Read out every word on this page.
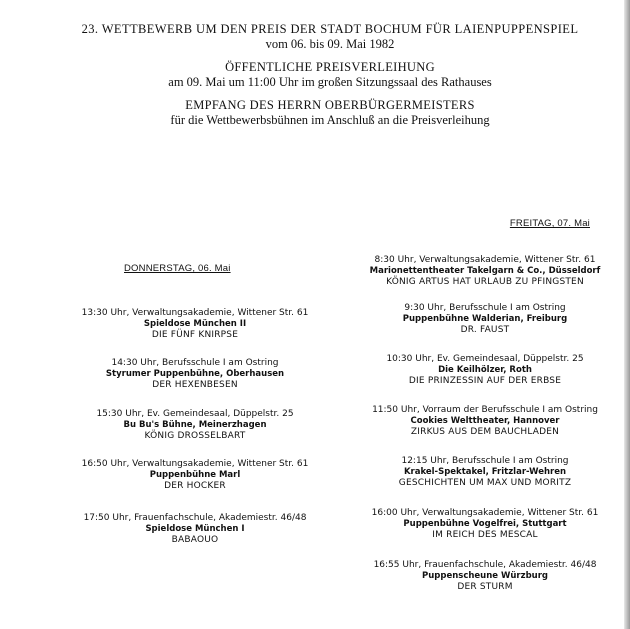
23. WETTBEWERB UM DEN PREIS DER STADT BOCHUM FÜR LAIENPUPPENSPIEL
vom 06. bis 09. Mai 1982
ÖFFENTLICHE PREISVERLEIHUNG
am 09. Mai um 11:00 Uhr im großen Sitzungssaal des Rathauses
EMPFANG DES HERRN OBERBÜRGERMEISTERS
für die Wettbewerbsbühnen im Anschluß an die Preisverleihung
DONNERSTAG, 06. Mai
13:30 Uhr, Verwaltungsakademie, Wittener Str. 61
Spieldose München II
DIE FÜNF KNIRPSE
14:30 Uhr, Berufsschule I am Ostring
Styrumer Puppenbühne, Oberhausen
DER HEXENBESEN
15:30 Uhr, Ev. Gemeindesaal, Düppelstr. 25
Bu Bu's Bühne, Meinerzhagen
KÖNIG DROSSELBART
16:50 Uhr, Verwaltungsakademie, Wittener Str. 61
Puppenbühne Marl
DER HOCKER
17:50 Uhr, Frauenfachschule, Akademiestr. 46/48
Spieldose München I
BABAOUO
FREITAG, 07. Mai
8:30 Uhr, Verwaltungsakademie, Wittener Str. 61
Marionettentheater Takelgarn & Co., Düsseldorf
KÖNIG ARTUS HAT URLAUB ZU PFINGSTEN
9:30 Uhr, Berufsschule I am Ostring
Puppenbühne Walderian, Freiburg
DR. FAUST
10:30 Uhr, Ev. Gemeindesaal, Düppelstr. 25
Die Keilhölzer, Roth
DIE PRINZESSIN AUF DER ERBSE
11:50 Uhr, Vorraum der Berufsschule I am Ostring
Cookies Welttheater, Hannover
ZIRKUS AUS DEM BAUCHLADEN
12:15 Uhr, Berufsschule I am Ostring
Krakel-Spektakel, Fritzlar-Wehren
GESCHICHTEN UM MAX UND MORITZ
16:00 Uhr, Verwaltungsakademie, Wittener Str. 61
Puppenbühne Vogelfrei, Stuttgart
IM REICH DES MESCAL
16:55 Uhr, Frauenfachschule, Akademiestr. 46/48
Puppenscheune Würzburg
DER STURM
